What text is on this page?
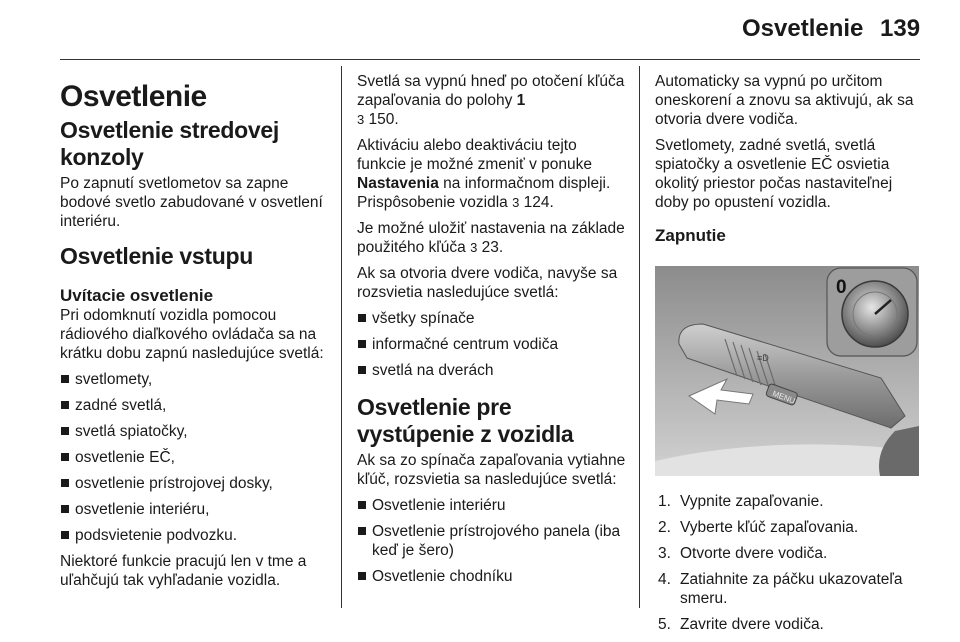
Osvetlenie 139
Osvetlenie
Osvetlenie stredovej konzoly

Po zapnutí svetlometov sa zapne bodové svetlo zabudované v osvetlení interiéru.

Osvetlenie vstupu
Uvítacie osvetlenie

Pri odomknutí vozidla pomocou rádiového diaľkového ovládača sa na krátku dobu zapnú nasledujúce svetlá:

svetlomety,
zadné svetlá,
svetlá spiatočky,
osvetlenie EČ,
osvetlenie prístrojovej dosky,
osvetlenie interiéru,
podsvietenie podvozku.

Niektoré funkcie pracujú len v tme a uľahčujú tak vyhľadanie vozidla.

Svetlá sa vypnú hneď po otočení kľúča zapaľovania do polohy 1
3 150.

Aktiváciu alebo deaktiváciu tejto funkcie je možné zmeniť v ponuke Nastavenia na informačnom displeji. Prispôsobenie vozidla 3 124.

Je možné uložiť nastavenia na základe použitého kľúča 3 23.

Ak sa otvoria dvere vodiča, navyše sa rozsvietia nasledujúce svetlá:

všetky spínače
informačné centrum vodiča
svetlá na dverách
Osvetlenie pre vystúpenie z vozidla

Ak sa zo spínača zapaľovania vytiahne kľúč, rozsvietia sa nasledujúce svetlá:

Osvetlenie interiéru
Osvetlenie prístrojového panela (iba keď je šero)
Osvetlenie chodníku

Automaticky sa vypnú po určitom oneskorení a znovu sa aktivujú, ak sa otvoria dvere vodiča.

Svetlomety, zadné svetlá, svetlá spiatočky a osvetlenie EČ osvietia okolitý priestor počas nastaviteľnej doby po opustení vozidla.

Zapnutie
MENU
≡D
0
1. Vypnite zapaľovanie.
2. Vyberte kľúč zapaľovania.
3. Otvorte dvere vodiča.
4. Zatiahnite za páčku ukazovateľa smeru.
5. Zavrite dvere vodiča.
